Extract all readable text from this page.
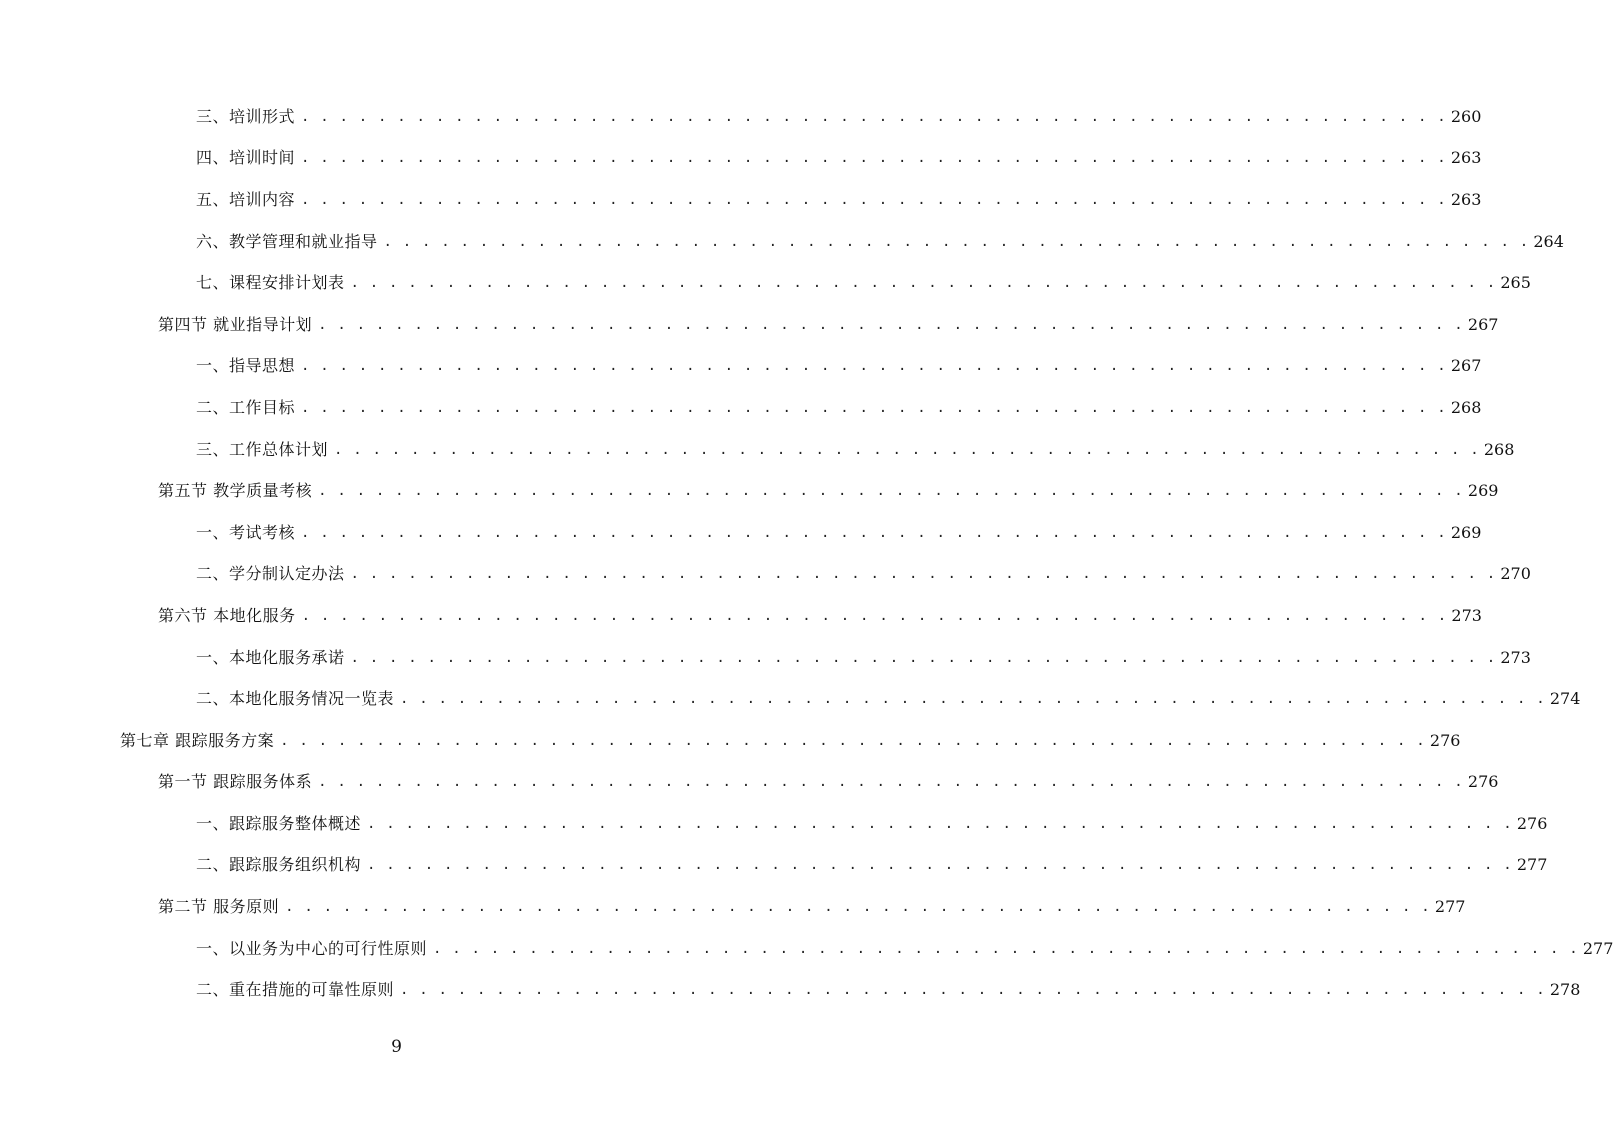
三、培训形式 . . . . . . . . . . . . . . . . . . . . . . . . . . . . . . . . . . . . . . . . . . . . . . . . . . . . . . . . . . . . 260
四、培训时间 . . . . . . . . . . . . . . . . . . . . . . . . . . . . . . . . . . . . . . . . . . . . . . . . . . . . . . . . . . . . 263
五、培训内容 . . . . . . . . . . . . . . . . . . . . . . . . . . . . . . . . . . . . . . . . . . . . . . . . . . . . . . . . . . . . 263
六、教学管理和就业指导 . . . . . . . . . . . . . . . . . . . . . . . . . . . . . . . . . . . . . . . . . . . . . . . . . . . . . . . . . . . . 264
七、课程安排计划表 . . . . . . . . . . . . . . . . . . . . . . . . . . . . . . . . . . . . . . . . . . . . . . . . . . . . . . . . . . . . 265
第四节 就业指导计划 . . . . . . . . . . . . . . . . . . . . . . . . . . . . . . . . . . . . . . . . . . . . . . . . . . . . . . . . . . . . 267
一、指导思想 . . . . . . . . . . . . . . . . . . . . . . . . . . . . . . . . . . . . . . . . . . . . . . . . . . . . . . . . . . . . 267
二、工作目标 . . . . . . . . . . . . . . . . . . . . . . . . . . . . . . . . . . . . . . . . . . . . . . . . . . . . . . . . . . . . 268
三、工作总体计划 . . . . . . . . . . . . . . . . . . . . . . . . . . . . . . . . . . . . . . . . . . . . . . . . . . . . . . . . . . . . 268
第五节 教学质量考核 . . . . . . . . . . . . . . . . . . . . . . . . . . . . . . . . . . . . . . . . . . . . . . . . . . . . . . . . . . . . 269
一、考试考核 . . . . . . . . . . . . . . . . . . . . . . . . . . . . . . . . . . . . . . . . . . . . . . . . . . . . . . . . . . . . 269
二、学分制认定办法 . . . . . . . . . . . . . . . . . . . . . . . . . . . . . . . . . . . . . . . . . . . . . . . . . . . . . . . . . . . . 270
第六节 本地化服务 . . . . . . . . . . . . . . . . . . . . . . . . . . . . . . . . . . . . . . . . . . . . . . . . . . . . . . . . . . . . 273
一、本地化服务承诺 . . . . . . . . . . . . . . . . . . . . . . . . . . . . . . . . . . . . . . . . . . . . . . . . . . . . . . . . . . . . 273
二、本地化服务情况一览表 . . . . . . . . . . . . . . . . . . . . . . . . . . . . . . . . . . . . . . . . . . . . . . . . . . . . . . . . . . . . 274
第七章 跟踪服务方案 . . . . . . . . . . . . . . . . . . . . . . . . . . . . . . . . . . . . . . . . . . . . . . . . . . . . . . . . . . . . 276
第一节 跟踪服务体系 . . . . . . . . . . . . . . . . . . . . . . . . . . . . . . . . . . . . . . . . . . . . . . . . . . . . . . . . . . . . 276
一、跟踪服务整体概述 . . . . . . . . . . . . . . . . . . . . . . . . . . . . . . . . . . . . . . . . . . . . . . . . . . . . . . . . . . . . 276
二、跟踪服务组织机构 . . . . . . . . . . . . . . . . . . . . . . . . . . . . . . . . . . . . . . . . . . . . . . . . . . . . . . . . . . . . 277
第二节 服务原则 . . . . . . . . . . . . . . . . . . . . . . . . . . . . . . . . . . . . . . . . . . . . . . . . . . . . . . . . . . . . 277
一、以业务为中心的可行性原则 . . . . . . . . . . . . . . . . . . . . . . . . . . . . . . . . . . . . . . . . . . . . . . . . . . . . . . . . . . . . 277
二、重在措施的可靠性原则 . . . . . . . . . . . . . . . . . . . . . . . . . . . . . . . . . . . . . . . . . . . . . . . . . . . . . . . . . . . . 278
9
